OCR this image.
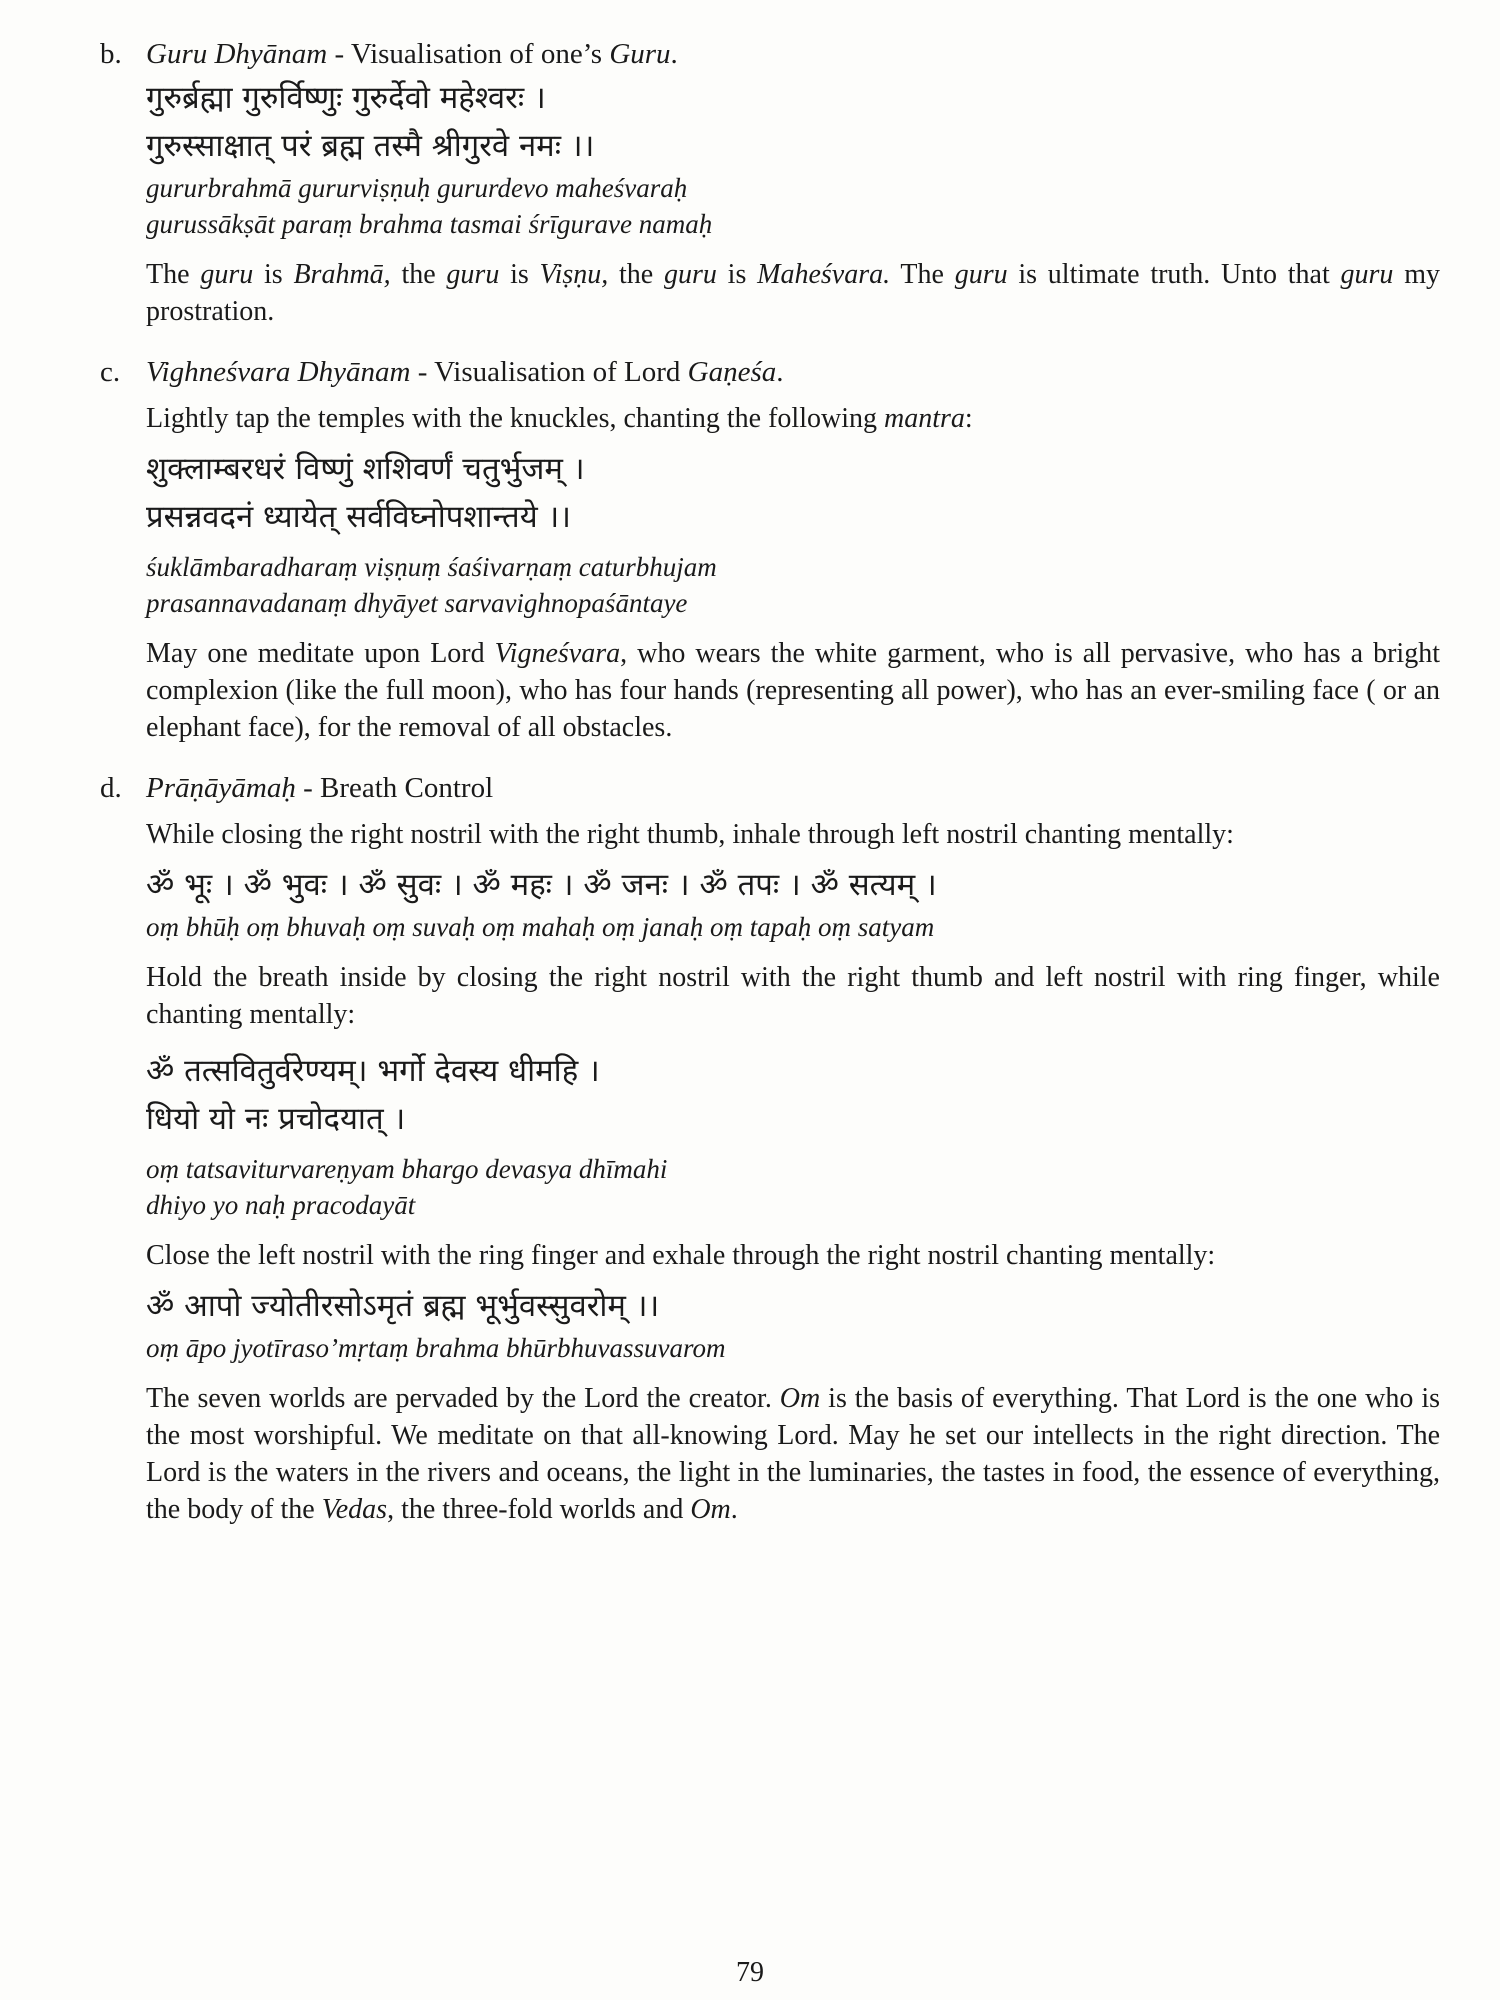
b. Guru Dhyānam - Visualisation of one’s Guru.
गुरुर्ब्रह्मा गुरुर्विष्णुः गुरुर्देवो महेश्वरः ।
गुरुस्साक्षात् परं ब्रह्म तस्मै श्रीगुरवे नमः ।।
gururbrahmā gururviṣṇuḥ gururdevo maheśvaraḥ
gurussākṣāt paraṃ brahma tasmai śrīgurave namaḥ

The guru is Brahmā, the guru is Viṣṇu, the guru is Maheśvara. The guru is ultimate truth. Unto that guru my prostration.

c. Vighneśvara Dhyānam - Visualisation of Lord Gaṇeśa.

Lightly tap the temples with the knuckles, chanting the following mantra:

शुक्लाम्बरधरं विष्णुं शशिवर्णं चतुर्भुजम् ।
प्रसन्नवदनं ध्यायेत् सर्वविघ्नोपशान्तये ।।
śuklāmbaradharaṃ viṣṇuṃ śaśivarṇaṃ caturbhujam
prasannavadanaṃ dhyāyet sarvavighnopaśāntaye

May one meditate upon Lord Vigneśvara, who wears the white garment, who is all pervasive, who has a bright complexion (like the full moon), who has four hands (representing all power), who has an ever-smiling face ( or an elephant face), for the removal of all obstacles.

d. Prāṇāyāmaḥ - Breath Control

While closing the right nostril with the right thumb, inhale through left nostril chanting mentally:

ॐ भूः । ॐ भुवः । ॐ सुवः । ॐ महः । ॐ जनः । ॐ तपः । ॐ सत्यम् ।
oṃ bhūḥ oṃ bhuvaḥ oṃ suvaḥ oṃ mahaḥ oṃ janaḥ oṃ tapaḥ oṃ satyam

Hold the breath inside by closing the right nostril with the right thumb and left nostril with ring finger, while chanting mentally:

ॐ तत्सवितुर्वरेण्यम्। भर्गो देवस्य धीमहि ।
धियो यो नः प्रचोदयात् ।
oṃ tatsaviturvareṇyam bhargo devasya dhīmahi
dhiyo yo naḥ pracodayāt

Close the left nostril with the ring finger and exhale through the right nostril chanting mentally:

ॐ आपो ज्योतीरसोऽमृतं ब्रह्म भूर्भुवस्सुवरोम् ।।
oṃ āpo jyotīraso’mṛtaṃ brahma bhūrbhuvassuvarom

The seven worlds are pervaded by the Lord the creator. Om is the basis of everything. That Lord is the one who is the most worshipful. We meditate on that all-knowing Lord. May he set our intellects in the right direction. The Lord is the waters in the rivers and oceans, the light in the luminaries, the tastes in food, the essence of everything, the body of the Vedas, the three-fold worlds and Om.

79
